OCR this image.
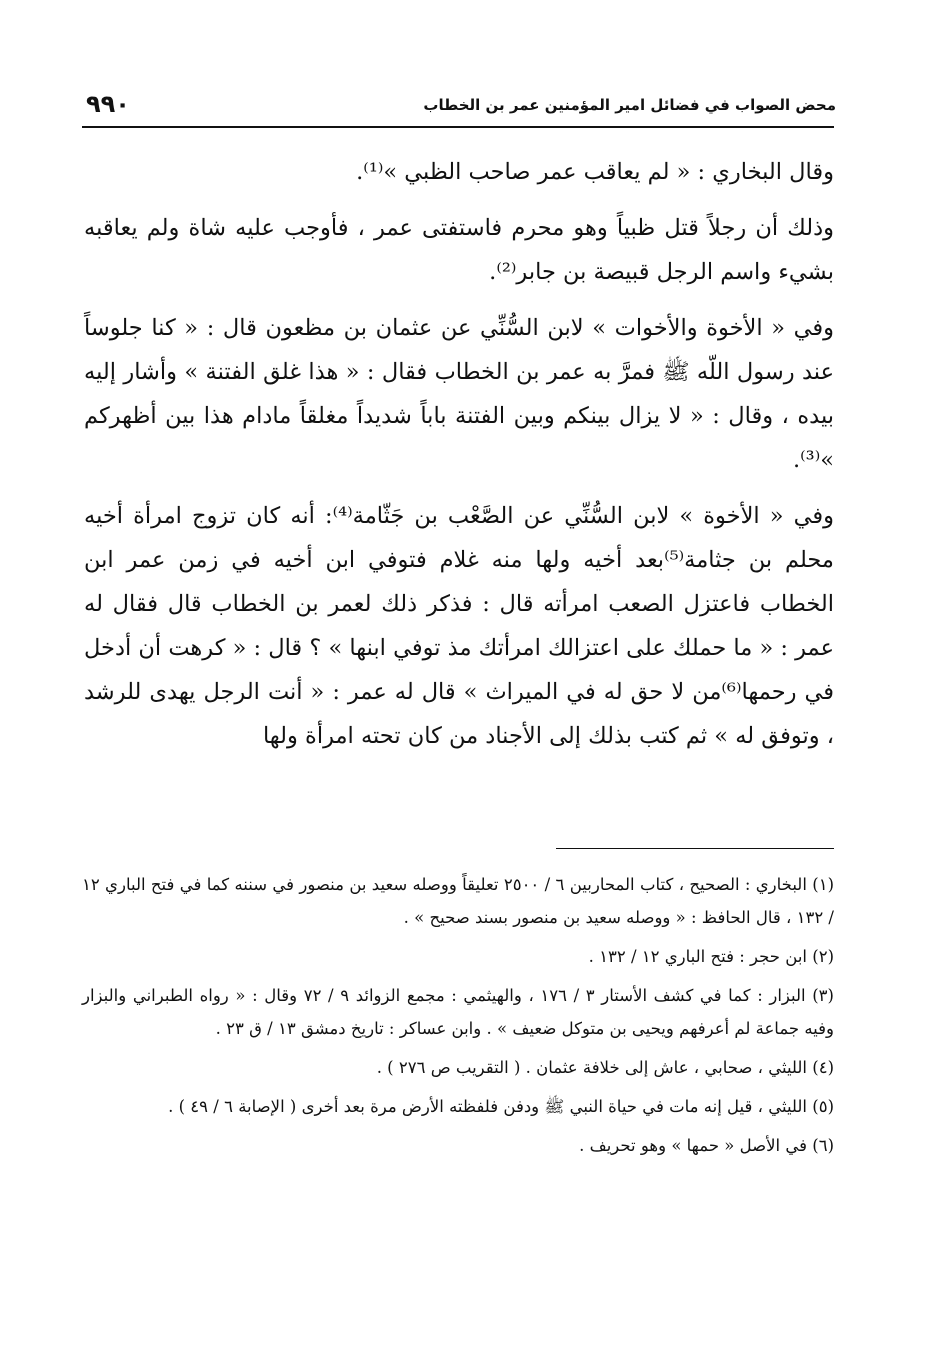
محض الصواب في فضائل امير المؤمنين عمر بن الخطاب
٩٩٠

وقال البخاري : « لم يعاقب عمر صاحب الظبي »⁽¹⁾.

وذلك أن رجلاً قتل ظبياً وهو محرم فاستفتى عمر ، فأوجب عليه شاة ولم يعاقبه بشيء واسم الرجل قبيصة بن جابر⁽²⁾.

وفي « الأخوة والأخوات » لابن السُّنِّي عن عثمان بن مظعون قال : « كنا جلوساً عند رسول اللّه ﷺ فمرَّ به عمر بن الخطاب فقال : « هذا غلق الفتنة » وأشار إليه بيده ، وقال : « لا يزال بينكم وبين الفتنة باباً شديداً مغلقاً مادام هذا بين أظهركم »⁽³⁾.

وفي « الأخوة » لابن السُّنِّي عن الصَّعْب بن جَثّامة⁽⁴⁾: أنه كان تزوج امرأة أخيه محلم بن جثامة⁽⁵⁾بعد أخيه ولها منه غلام فتوفي ابن أخيه في زمن عمر ابن الخطاب فاعتزل الصعب امرأته قال : فذكر ذلك لعمر بن الخطاب قال فقال له عمر : « ما حملك على اعتزالك امرأتك مذ توفي ابنها » ؟ قال : « كرهت أن أدخل في رحمها⁽⁶⁾من لا حق له في الميراث » قال له عمر : « أنت الرجل يهدى للرشد ، وتوفق له » ثم كتب بذلك إلى الأجناد من كان تحته امرأة ولها

(١) البخاري : الصحيح ، كتاب المحاربين ٦ / ٢٥٠٠ تعليقاً ووصله سعيد بن منصور في سننه كما في فتح الباري ١٢ / ١٣٢ ، قال الحافظ : « ووصله سعيد بن منصور بسند صحيح » .

(٢) ابن حجر : فتح الباري ١٢ / ١٣٢ .

(٣) البزار : كما في كشف الأستار ٣ / ١٧٦ ، والهيثمي : مجمع الزوائد ٩ / ٧٢ وقال : « رواه الطبراني والبزار وفيه جماعة لم أعرفهم ويحيى بن متوكل ضعيف » . وابن عساكر : تاريخ دمشق ١٣ / ق ٢٣ .

(٤) الليثي ، صحابي ، عاش إلى خلافة عثمان . ( التقريب ص ٢٧٦ ) .

(٥) الليثي ، قيل إنه مات في حياة النبي ﷺ ودفن فلفظته الأرض مرة بعد أخرى ( الإصابة ٦ / ٤٩ ) .

(٦) في الأصل « حمها » وهو تحريف .
